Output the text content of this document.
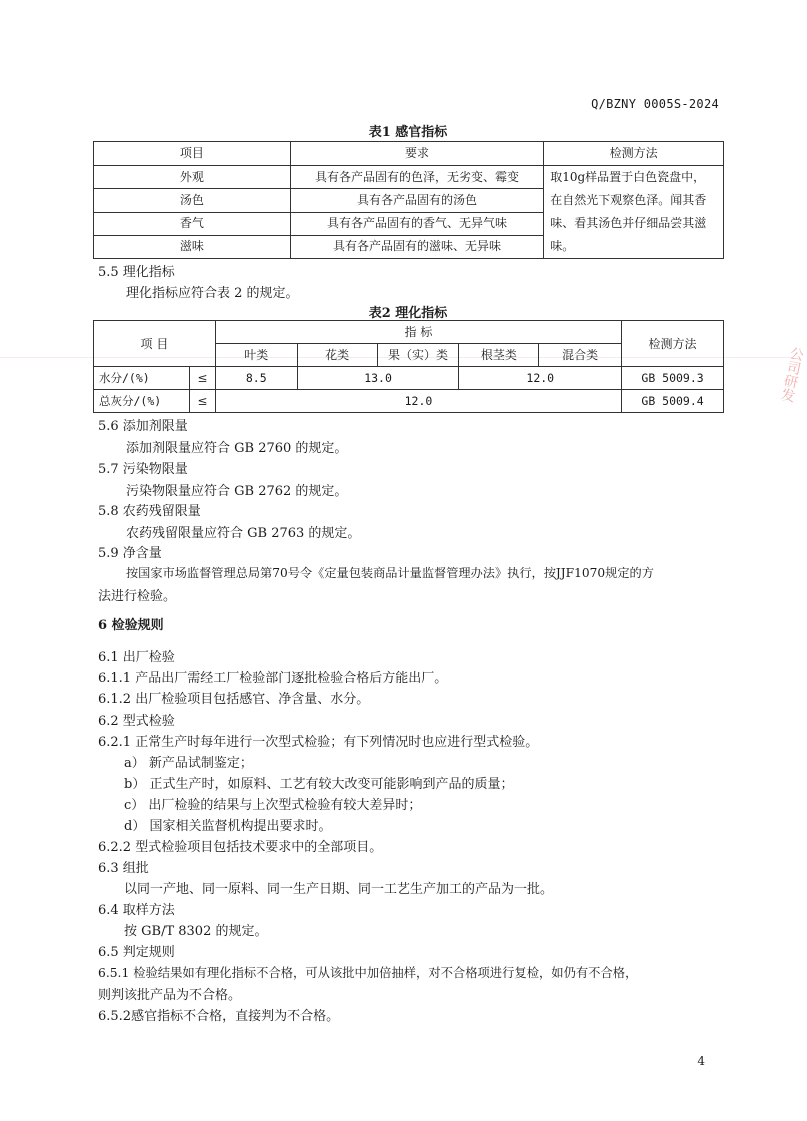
Q/BZNY 0005S-2024
表1 感官指标
项目	要求	检测方法
外观	具有各产品固有的色泽，无劣变、霉变	取10g样品置于白色瓷盘中，在自然光下观察色泽。闻其香味、看其汤色并仔细品尝其滋味。
汤色	具有各产品固有的汤色	
香气	具有各产品固有的香气、无异气味	
滋味	具有各产品固有的滋味、无异味	
5.5 理化指标
理化指标应符合表 2 的规定。
表2 理化指标
项 目		指 标					检测方法
		叶类	花类	果（实）类	根茎类	混合类	
水分/(%)	≤	8.5	13.0		12.0		GB 5009.3
总灰分/(%)	≤	12.0					GB 5009.4
5.6 添加剂限量
添加剂限量应符合 GB 2760 的规定。
5.7 污染物限量
污染物限量应符合 GB 2762 的规定。
5.8 农药残留限量
农药残留限量应符合 GB 2763 的规定。
5.9 净含量
按国家市场监督管理总局第70号令《定量包装商品计量监督管理办法》执行，按JJF1070规定的方
法进行检验。
6 检验规则
6.1 出厂检验
6.1.1 产品出厂需经工厂检验部门逐批检验合格后方能出厂。
6.1.2 出厂检验项目包括感官、净含量、水分。
6.2 型式检验
6.2.1 正常生产时每年进行一次型式检验；有下列情况时也应进行型式检验。
a） 新产品试制鉴定；
b） 正式生产时，如原料、工艺有较大改变可能影响到产品的质量；
c） 出厂检验的结果与上次型式检验有较大差异时；
d） 国家相关监督机构提出要求时。
6.2.2 型式检验项目包括技术要求中的全部项目。
6.3 组批
以同一产地、同一原料、同一生产日期、同一工艺生产加工的产品为一批。
6.4 取样方法
按 GB/T 8302 的规定。
6.5 判定规则
6.5.1 检验结果如有理化指标不合格，可从该批中加倍抽样，对不合格项进行复检，如仍有不合格，
则判该批产品为不合格。
6.5.2感官指标不合格，直接判为不合格。
公司研发
4
